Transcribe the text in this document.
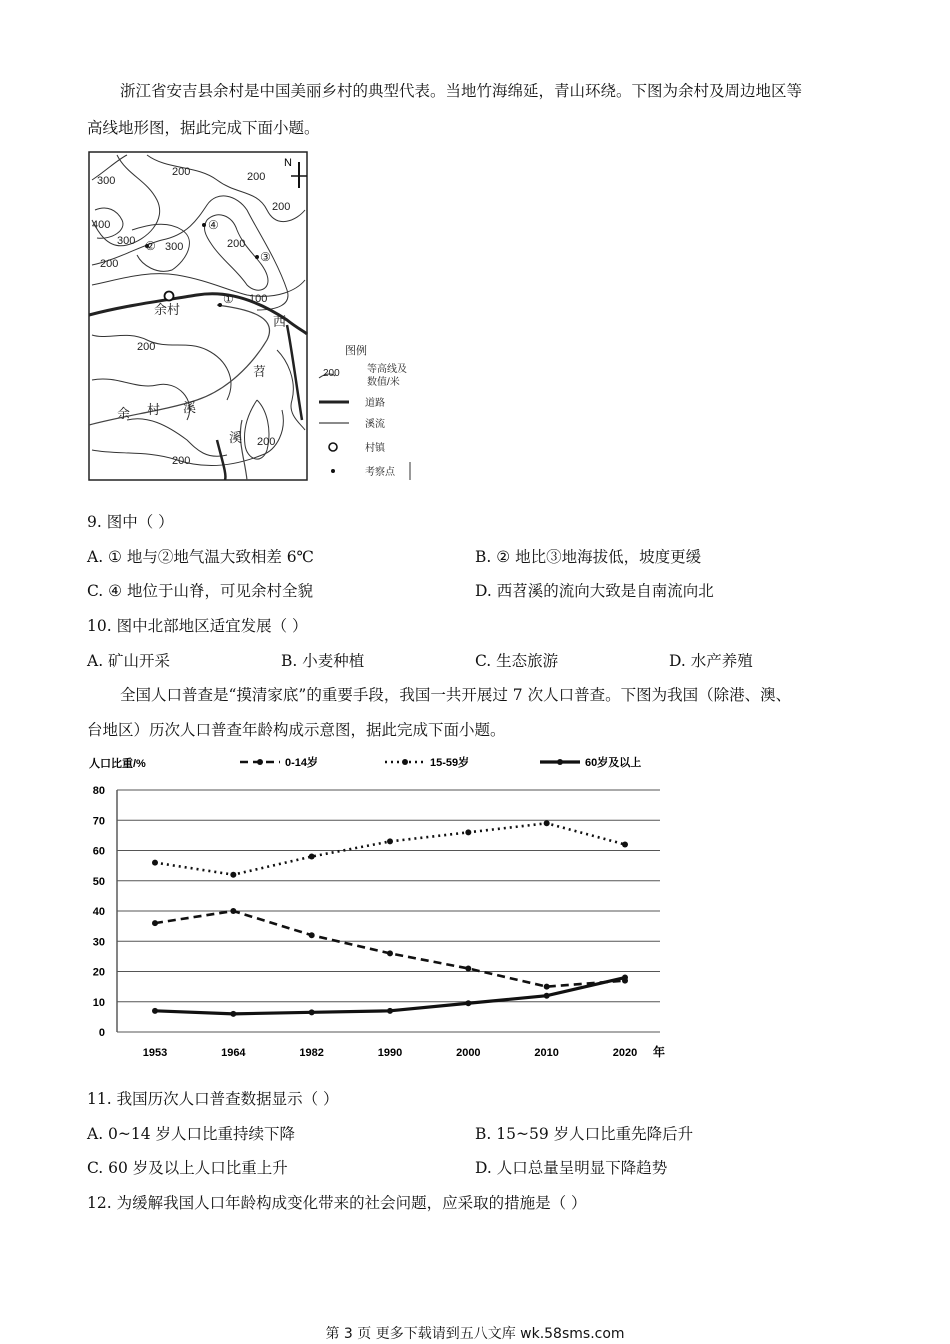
浙江省安吉县余村是中国美丽乡村的典型代表。当地竹海绵延，青山环绕。下图为余村及周边地区等
高线地形图，据此完成下面小题。
N
300
200	200
200
400
300	300
200
200
100
200
200
200
②
④
③
①
余村
西
苕
溪
余 村 溪
图例
200	等高线及
数值/米
道路
溪流
村镇
考察点
9. 图中（ ）
A. ① 地与②地气温大致相差 6℃	B. ② 地比③地海拔低，坡度更缓
C. ④ 地位于山脊，可见余村全貌	D. 西苕溪的流向大致是自南流向北
10. 图中北部地区适宜发展（ ）
A. 矿山开采	B. 小麦种植	C. 生态旅游	D. 水产养殖
全国人口普查是“摸清家底”的重要手段，我国一共开展过 7 次人口普查。下图为我国（除港、澳、
台地区）历次人口普查年龄构成示意图，据此完成下面小题。
人口比重/%
年
0-14岁	15-59岁	60岁及以上
0
10
20
30
40
50
60
70
80
1953	1964	1982	1990	2000	2010	2020
11. 我国历次人口普查数据显示（ ）
A. 0~14 岁人口比重持续下降	B. 15~59 岁人口比重先降后升
C. 60 岁及以上人口比重上升	D. 人口总量呈明显下降趋势
12. 为缓解我国人口年龄构成变化带来的社会问题，应采取的措施是（ ）
第 3 页 更多下载请到五八文库 wk.58sms.com
